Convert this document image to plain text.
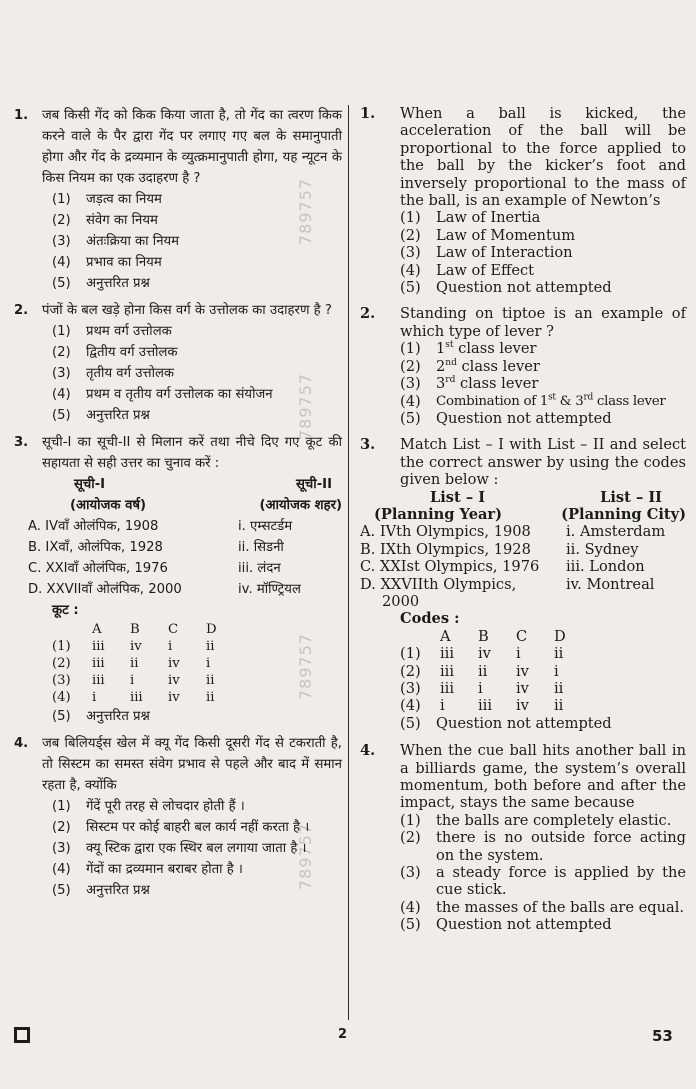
789757
789757
789757
789757
1. जब किसी गेंद को किक किया जाता है, तो गेंद का त्वरण किक करने वाले के पैर द्वारा गेंद पर लगाए गए बल के समानुपाती होगा और गेंद के द्रव्यमान के व्युत्क्रमानुपाती होगा, यह न्यूटन के किस नियम का एक उदाहरण है ?
(1)	जड़त्व का नियम
(2)	संवेग का नियम
(3)	अंतःक्रिया का नियम
(4)	प्रभाव का नियम
(5)	अनुत्तरित प्रश्न
2. पंजों के बल खड़े होना किस वर्ग के उत्तोलक का उदाहरण है ?
(1)	प्रथम वर्ग उत्तोलक
(2)	द्वितीय वर्ग उत्तोलक
(3)	तृतीय वर्ग उत्तोलक
(4)	प्रथम व तृतीय वर्ग उत्तोलक का संयोजन
(5)	अनुत्तरित प्रश्न
3. सूची-I का सूची-II से मिलान करें तथा नीचे दिए गए कूट की सहायता से सही उत्तर का चुनाव करें :
सूची-I	सूची-II
(आयोजक वर्ष)	(आयोजक शहर)
A. IVवाँ ओलंपिक, 1908	i. एम्सटर्डम
B. IXवाँ, ओलंपिक, 1928	ii. सिडनी
C. XXIवाँ ओलंपिक, 1976	iii. लंदन
D. XXVIIवाँ ओलंपिक, 2000	iv. मॉण्ट्रियल
कूट :
A	B	C	D
(1)	iii	iv	i	ii
(2)	iii	ii	iv	i
(3)	iii	i	iv	ii
(4)	i	iii	iv	ii
(5)	अनुत्तरित प्रश्न
4. जब बिलियर्ड्स खेल में क्यू गेंद किसी दूसरी गेंद से टकराती है, तो सिस्टम का समस्त संवेग प्रभाव से पहले और बाद में समान रहता है, क्योंकि
(1)	गेंदें पूरी तरह से लोचदार होती हैं ।
(2)	सिस्टम पर कोई बाहरी बल कार्य नहीं करता है ।
(3)	क्यू स्टिक द्वारा एक स्थिर बल लगाया जाता है ।
(4)	गेंदों का द्रव्यमान बराबर होता है ।
(5)	अनुत्तरित प्रश्न
1. When a ball is kicked, the acceleration of the ball will be proportional to the force applied to the ball by the kicker’s foot and inversely proportional to the mass of the ball, is an example of Newton’s
(1)	Law of Inertia
(2)	Law of Momentum
(3)	Law of Interaction
(4)	Law of Effect
(5)	Question not attempted
2. Standing on tiptoe is an example of which type of lever ?
(1)	1st class lever
(2)	2nd class lever
(3)	3rd class lever
(4)	Combination of 1st & 3rd class lever
(5)	Question not attempted
3. Match List – I with List – II and select the correct answer by using the codes given below :
List – I	List – II
(Planning Year)	(Planning City)
A. IVth Olympics, 1908 i. Amsterdam
B. IXth Olympics, 1928 ii. Sydney
C. XXIst Olympics, 1976 iii. London
D. XXVIIth Olympics,	iv. Montreal
2000
Codes :
A	B	C	D
(1)	iii	iv	i	ii
(2)	iii	ii	iv	i
(3)	iii	i	iv	ii
(4)	i	iii	iv	ii
(5)	Question not attempted
4. When the cue ball hits another ball in a billiards game, the system’s overall momentum, both before and after the impact, stays the same because
(1)	the balls are completely elastic.
(2)	there is no outside force acting on the system.
(3)	a steady force is applied by the cue stick.
(4)	the masses of the balls are equal.
(5)	Question not attempted
2	53
